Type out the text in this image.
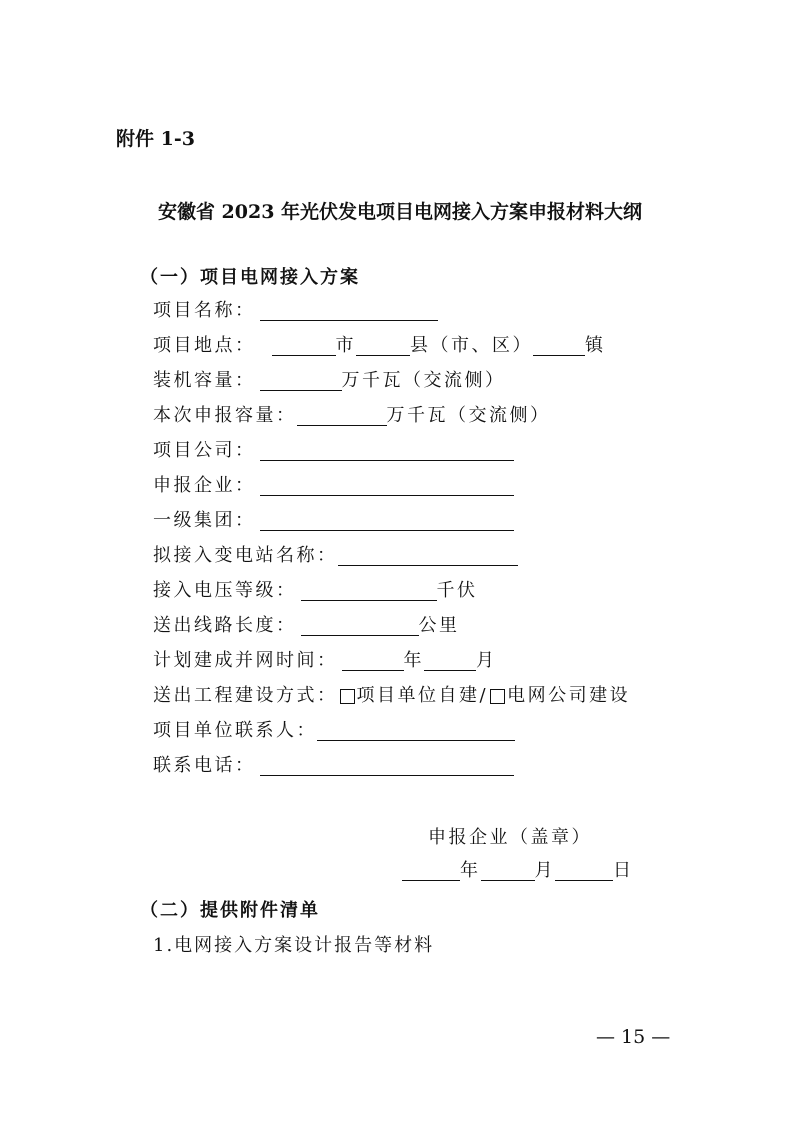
附件 1-3
安徽省 2023 年光伏发电项目电网接入方案申报材料大纲
（一）项目电网接入方案
项目名称：
项目地点：	市	县（市、区）	镇
装机容量：	万千瓦（交流侧）
本次申报容量：	万千瓦（交流侧）
项目公司：
申报企业：
一级集团：
拟接入变电站名称：
接入电压等级：	千伏
送出线路长度：	公里
计划建成并网时间：	年	月
送出工程建设方式： 项目单位自建/ 电网公司建设
项目单位联系人：
联系电话：
申报企业（盖章）
年	月	日
（二）提供附件清单
1.电网接入方案设计报告等材料
— 15 —
